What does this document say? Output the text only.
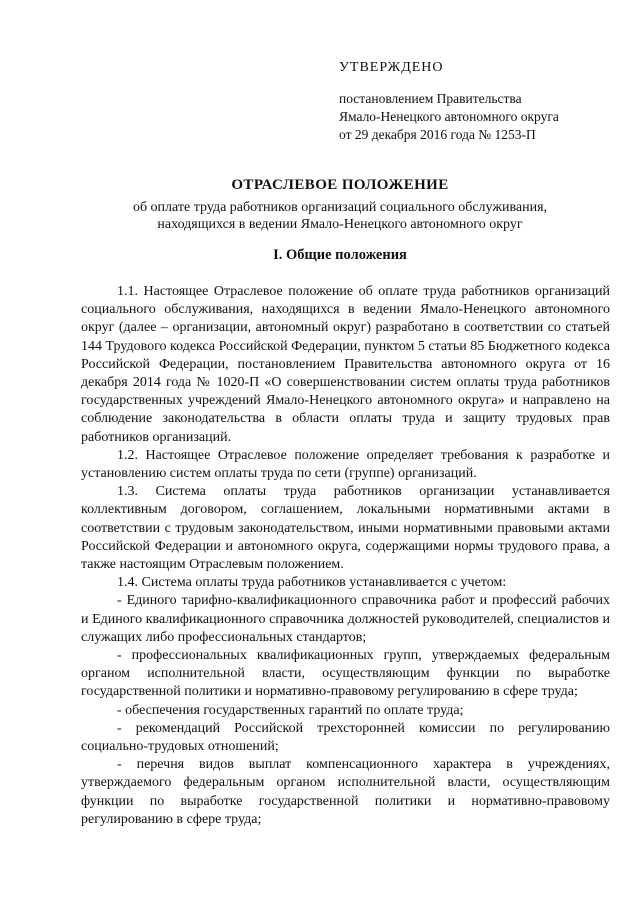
УТВЕРЖДЕНО
постановлением Правительства
Ямало-Ненецкого автономного округа
от 29 декабря 2016 года № 1253-П
ОТРАСЛЕВОЕ ПОЛОЖЕНИЕ
об оплате труда работников организаций социального обслуживания,
находящихся в ведении Ямало-Ненецкого автономного округ
I. Общие положения

1.1. Настоящее Отраслевое положение об оплате труда работников организаций социального обслуживания, находящихся в ведении Ямало-Ненецкого автономного округ (далее – организации, автономный округ) разработано в соответствии со статьей 144 Трудового кодекса Российской Федерации, пунктом 5 статьи 85 Бюджетного кодекса Российской Федерации, постановлением Правительства автономного округа от 16 декабря 2014 года № 1020-П «О совершенствовании систем оплаты труда работников государственных учреждений Ямало-Ненецкого автономного округа» и направлено на соблюдение законодательства в области оплаты труда и защиту трудовых прав работников организаций.

1.2. Настоящее Отраслевое положение определяет требования к разработке и установлению систем оплаты труда по сети (группе) организаций.

1.3. Система оплаты труда работников организации устанавливается коллективным договором, соглашением, локальными нормативными актами в соответствии с трудовым законодательством, иными нормативными правовыми актами Российской Федерации и автономного округа, содержащими нормы трудового права, а также настоящим Отраслевым положением.

1.4. Система оплаты труда работников устанавливается с учетом:

- Единого тарифно-квалификационного справочника работ и профессий рабочих и Единого квалификационного справочника должностей руководителей, специалистов и служащих либо профессиональных стандартов;

- профессиональных квалификационных групп, утверждаемых федеральным органом исполнительной власти, осуществляющим функции по выработке государственной политики и нормативно-правовому регулированию в сфере труда;

- обеспечения государственных гарантий по оплате труда;

- рекомендаций Российской трехсторонней комиссии по регулированию социально-трудовых отношений;

- перечня видов выплат компенсационного характера в учреждениях, утверждаемого федеральным органом исполнительной власти, осуществляющим функции по выработке государственной политики и нормативно-правовому регулированию в сфере труда;
